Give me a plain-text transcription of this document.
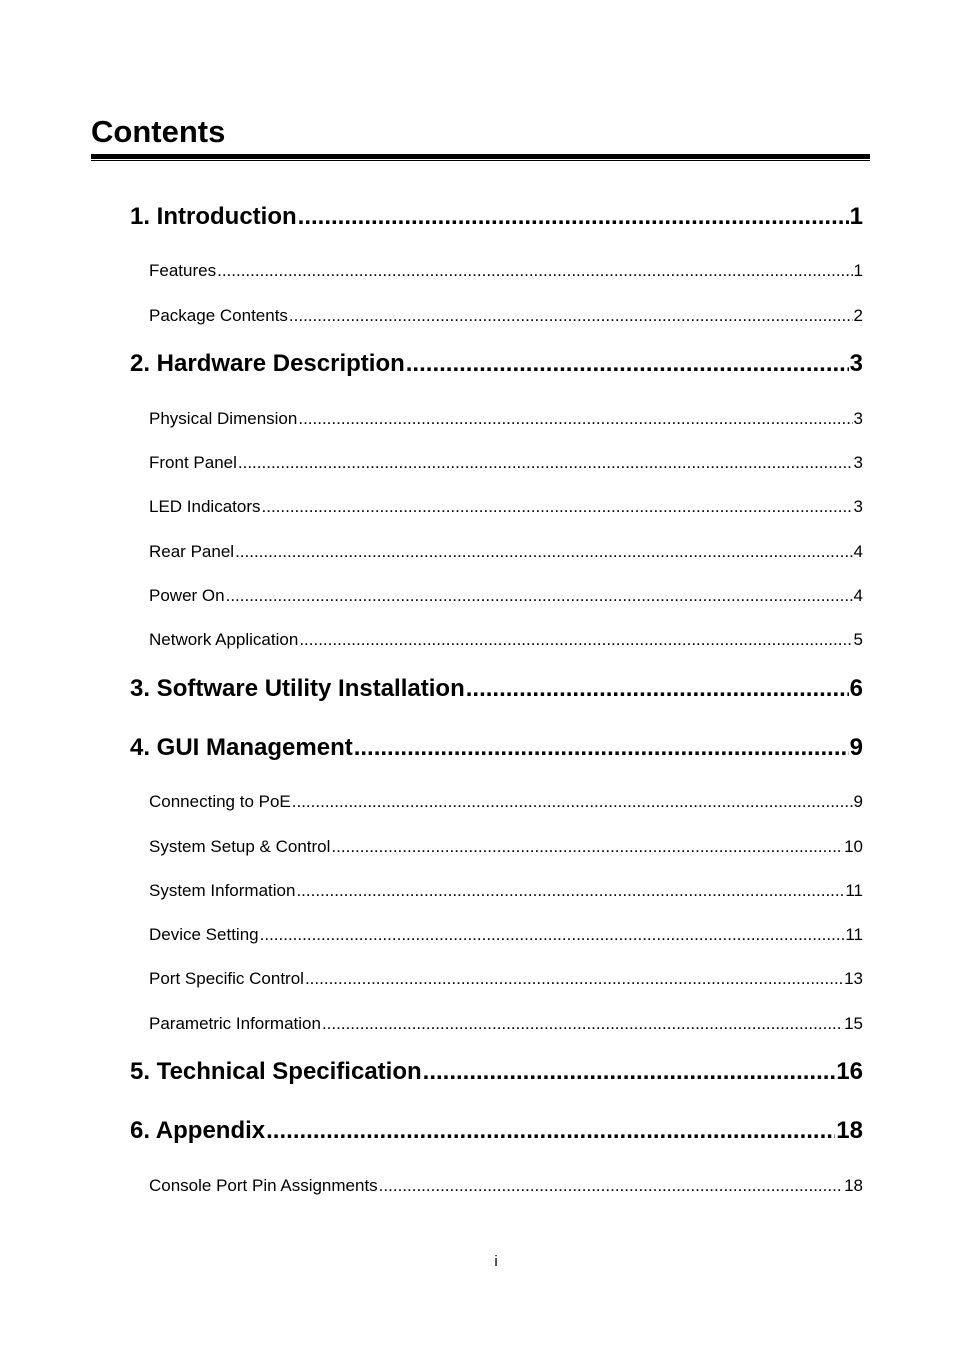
Contents
1. Introduction .....	1
Features .....	1
Package Contents .....	2
2. Hardware Description .....	3
Physical Dimension .....	3
Front Panel .....	3
LED Indicators .....	3
Rear Panel .....	4
Power On .....	4
Network Application .....	5
3. Software Utility Installation .....	6
4. GUI Management .....	9
Connecting to PoE .....	9
System Setup & Control .....	10
System Information .....	11
Device Setting .....	11
Port Specific Control .....	13
Parametric Information .....	15
5. Technical Specification .....	16
6. Appendix .....	18
Console Port Pin Assignments .....	18
i
